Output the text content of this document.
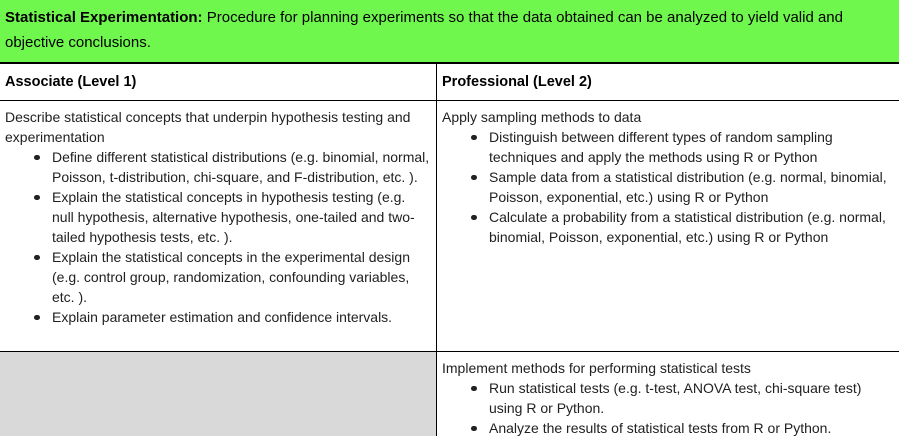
Statistical Experimentation: Procedure for planning experiments so that the data obtained can be analyzed to yield valid and objective conclusions.
Associate (Level 1)	Professional (Level 2)

Describe statistical concepts that underpin hypothesis testing and experimentation

Define different statistical distributions (e.g. binomial, normal, Poisson, t-distribution, chi-square, and F-distribution, etc. ).
Explain the statistical concepts in hypothesis testing (e.g. null hypothesis, alternative hypothesis, one-tailed and two-tailed hypothesis tests, etc. ).
Explain the statistical concepts in the experimental design (e.g. control group, randomization, confounding variables, etc. ).
Explain parameter estimation and confidence intervals.

Apply sampling methods to data

Distinguish between different types of random sampling techniques and apply the methods using R or Python
Sample data from a statistical distribution (e.g. normal, binomial, Poisson, exponential, etc.) using R or Python
Calculate a probability from a statistical distribution (e.g. normal, binomial, Poisson, exponential, etc.) using R or Python

Implement methods for performing statistical tests

Run statistical tests (e.g. t-test, ANOVA test, chi-square test) using R or Python.
Analyze the results of statistical tests from R or Python.
